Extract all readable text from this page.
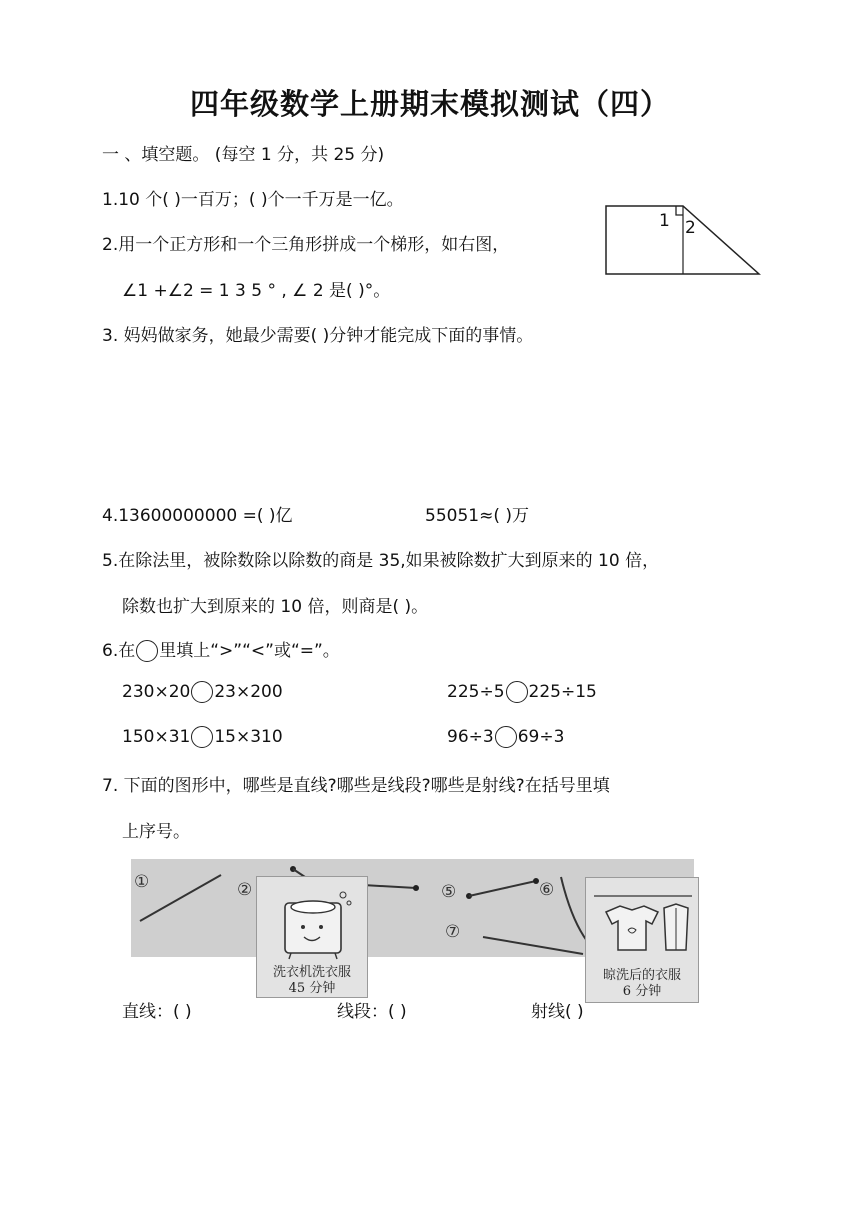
四年级数学上册期末模拟测试（四）
一 、填空题。 (每空 1 分，共 25 分)
1.10 个( )一百万；( )个一千万是一亿。
2.用一个正方形和一个三角形拼成一个梯形，如右图，
∠1 +∠2 = 1 3 5 ° , ∠ 2 是( )°。
1 2
3. 妈妈做家务，她最少需要( )分钟才能完成下面的事情。
4.13600000000 =( )亿	55051≈( )万
5.在除法里，被除数除以除数的商是 35,如果被除数扩大到原来的 10 倍，
除数也扩大到原来的 10 倍，则商是( )。
6.在 里填上“>”“<”或“=”。
230×20 23×200	225÷5 225÷15
150×31 15×310	96÷3 69÷3
7. 下面的图形中，哪些是直线?哪些是线段?哪些是射线?在括号里填
上序号。
①	②	⑤	⑥
⑦
洗衣机洗衣服
45 分钟
晾洗后的衣服
6 分钟
直线：( )	线段：( )	射线( )
